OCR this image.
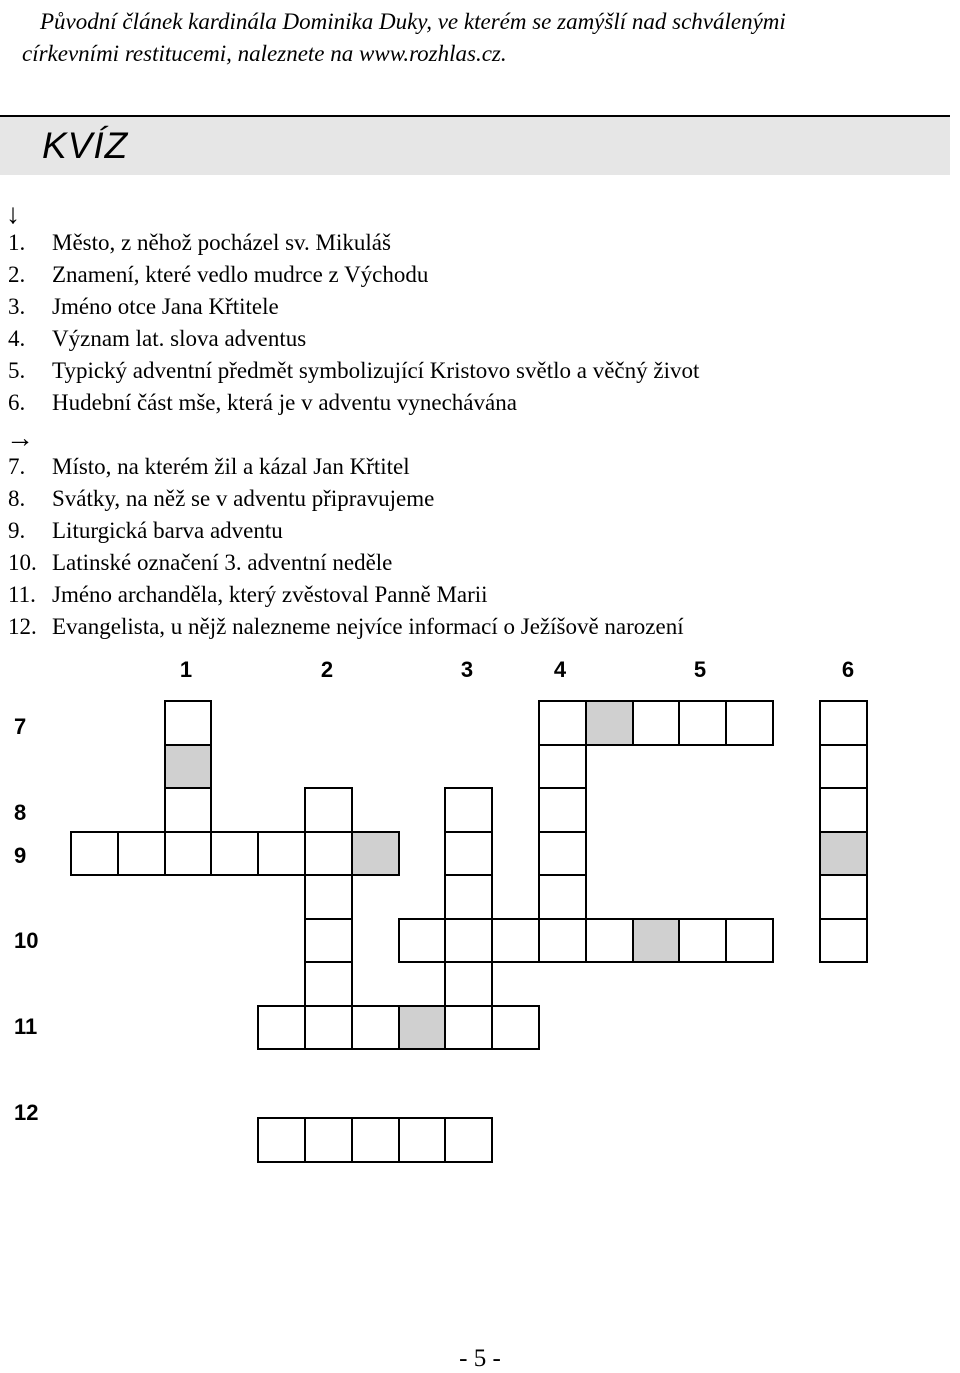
Původní článek kardinála Dominika Duky, ve kterém se zamýšlí nad schválenými
církevními restitucemi, naleznete na www.rozhlas.cz.
KVÍZ
↓
1. Město, z něhož pocházel sv. Mikuláš
2. Znamení, které vedlo mudrce z Východu
3. Jméno otce Jana Křtitele
4. Význam lat. slova adventus
5. Typický adventní předmět symbolizující Kristovo světlo a věčný život
6. Hudební část mše, která je v adventu vynechávána
→
7. Místo, na kterém žil a kázal Jan Křtitel
8. Svátky, na něž se v adventu připravujeme
9. Liturgická barva adventu
10. Latinské označení 3. adventní neděle
11. Jméno archanděla, který zvěstoval Panně Marii
12. Evangelista, u nějž nalezneme nejvíce informací o Ježíšově narození
1	2	3	4	5	6
7
8
9
10
11
12
- 5 -
